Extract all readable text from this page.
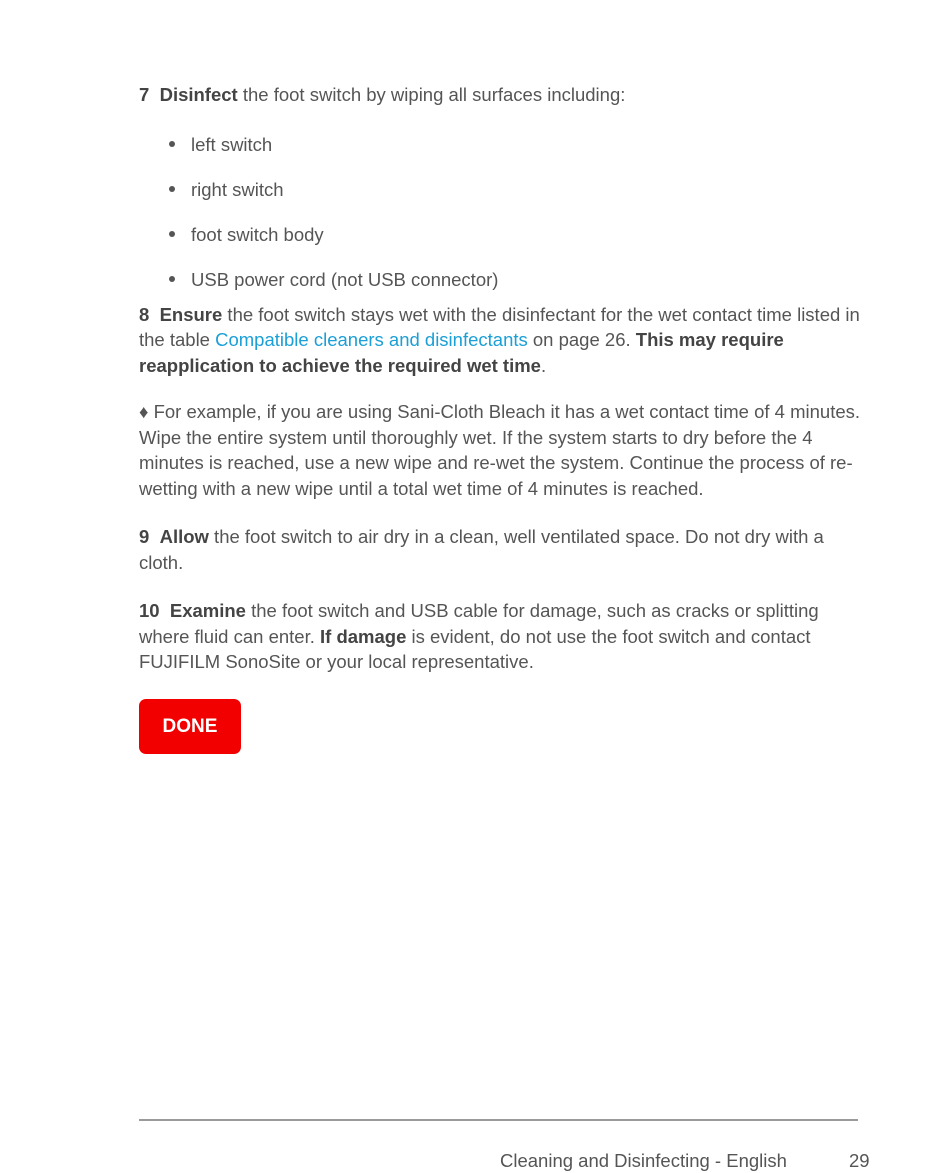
7 Disinfect the foot switch by wiping all surfaces including:

left switch
right switch
foot switch body
USB power cord (not USB connector)

8 Ensure the foot switch stays wet with the disinfectant for the wet contact time listed in the table Compatible cleaners and disinfectants on page 26. This may require reapplication to achieve the required wet time.

♦ For example, if you are using Sani-Cloth Bleach it has a wet contact time of 4 minutes. Wipe the entire system until thoroughly wet. If the system starts to dry before the 4 minutes is reached, use a new wipe and re-wet the system. Continue the process of re-wetting with a new wipe until a total wet time of 4 minutes is reached.

9 Allow the foot switch to air dry in a clean, well ventilated space. Do not dry with a cloth.

10 Examine the foot switch and USB cable for damage, such as cracks or splitting where fluid can enter. If damage is evident, do not use the foot switch and contact FUJIFILM SonoSite or your local representative.

DONE
Cleaning and Disinfecting - English	29
